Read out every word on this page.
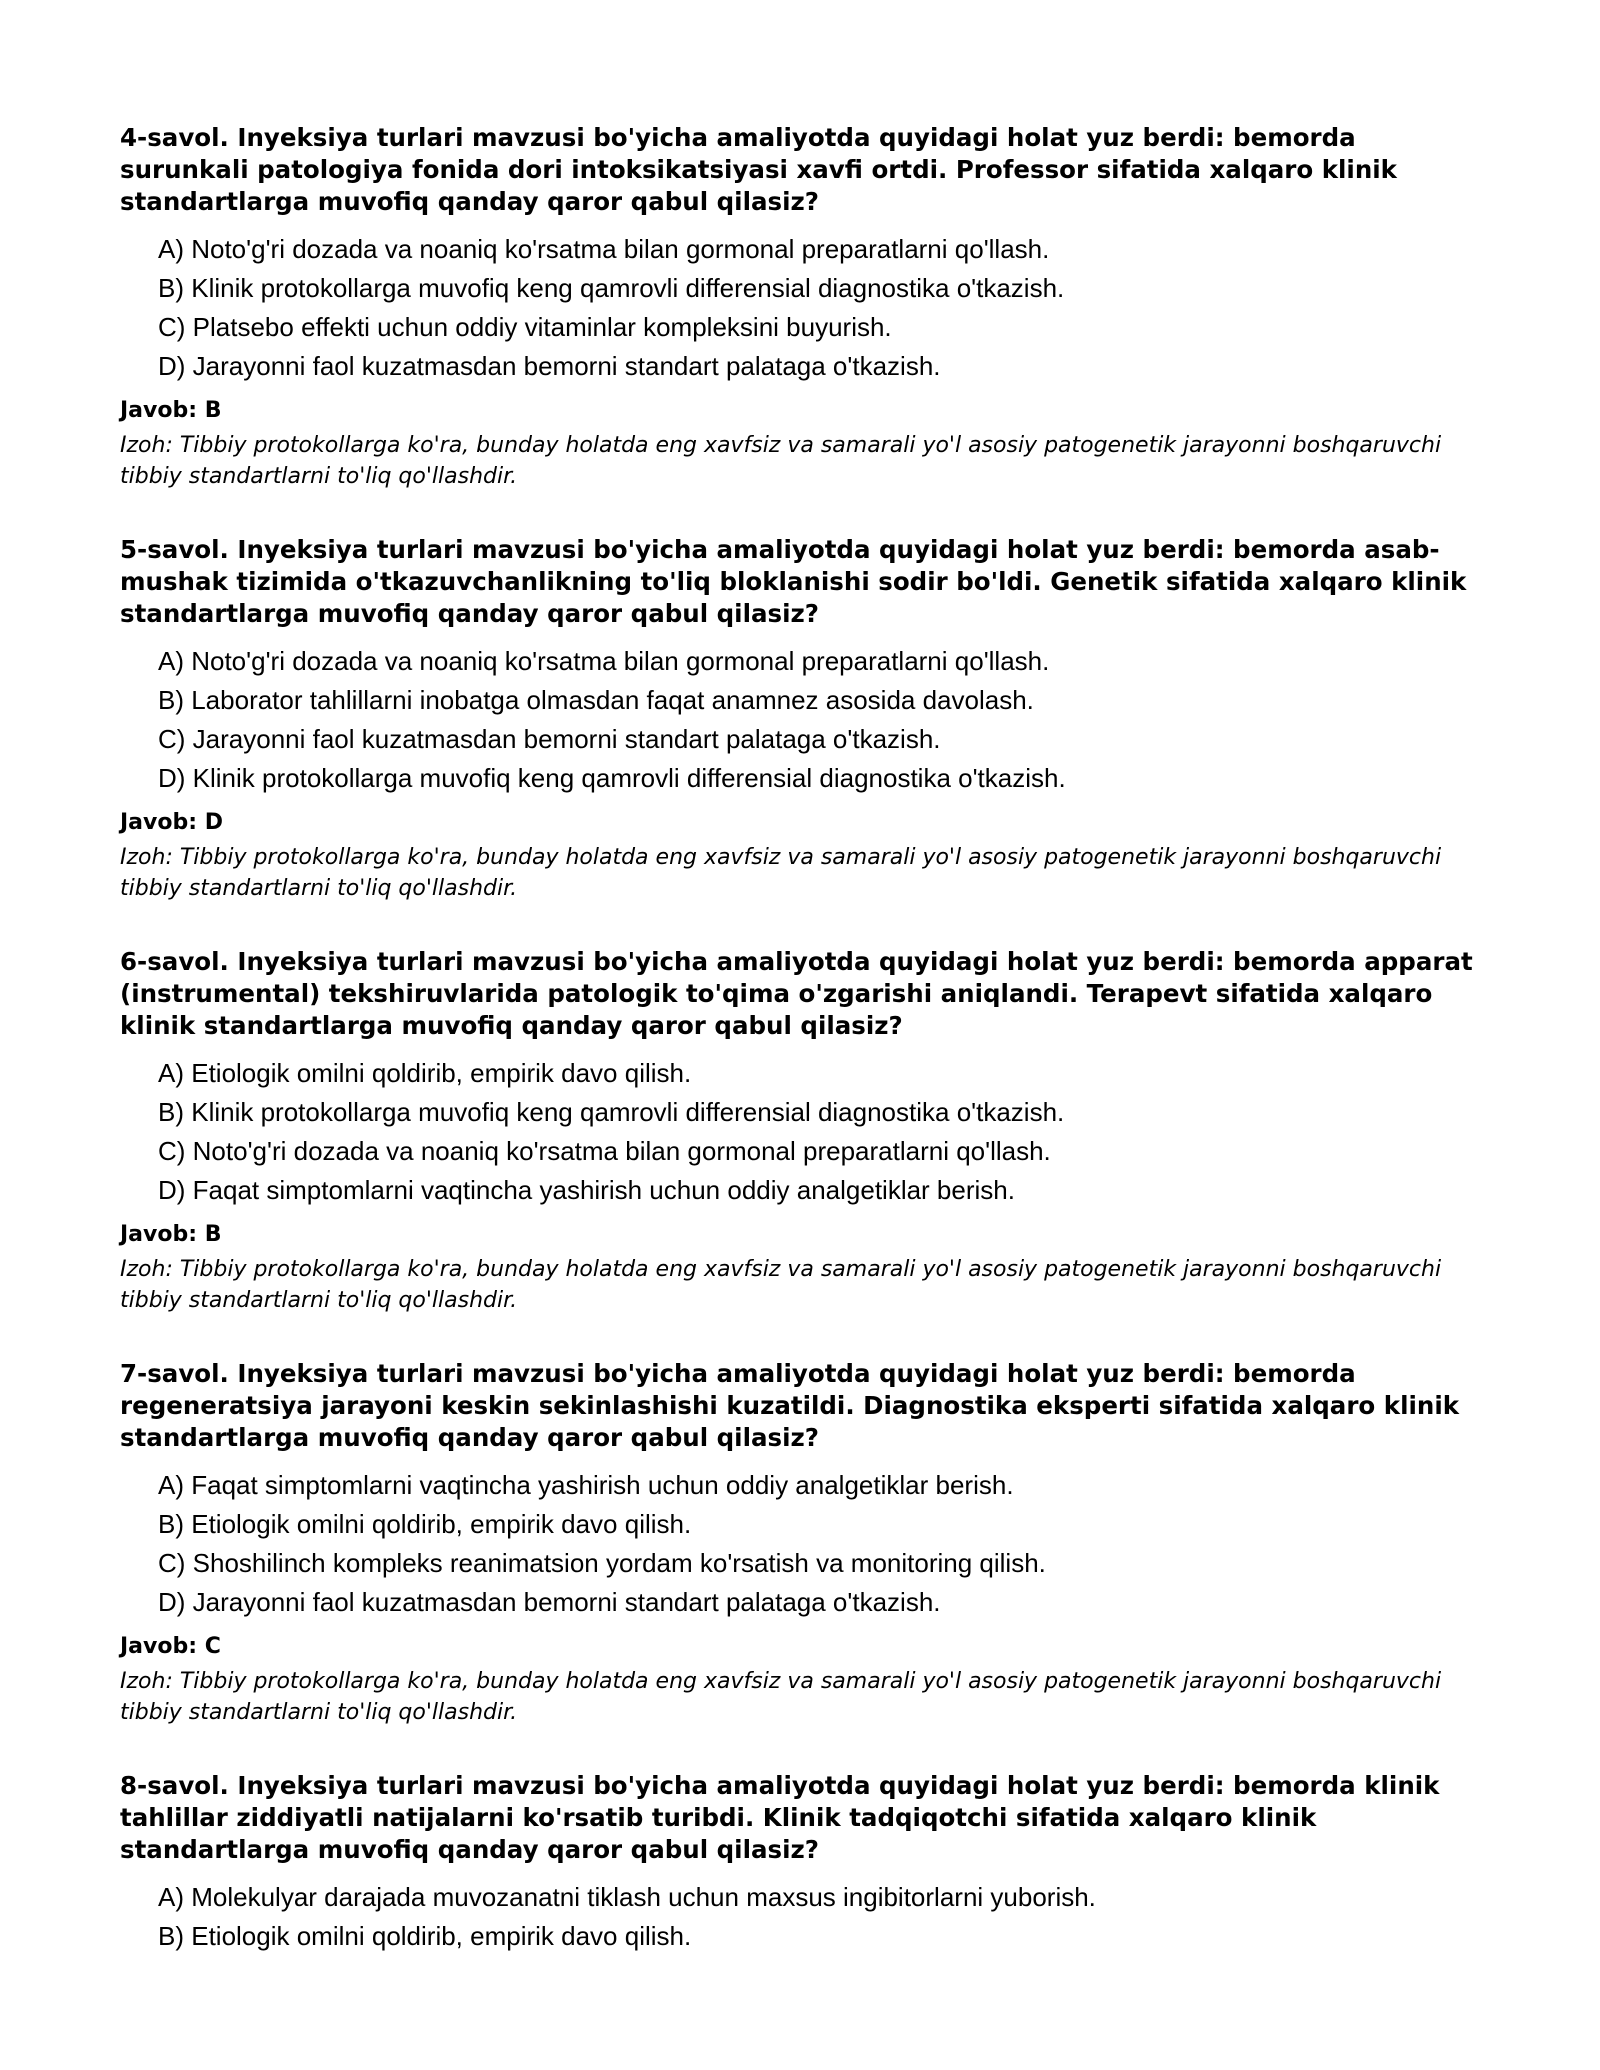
4-savol. Inyeksiya turlari mavzusi bo'yicha amaliyotda quyidagi holat yuz berdi: bemorda surunkali patologiya fonida dori intoksikatsiyasi xavfi ortdi. Professor sifatida xalqaro klinik standartlarga muvofiq qanday qaror qabul qilasiz?

A) Noto'g'ri dozada va noaniq ko'rsatma bilan gormonal preparatlarni qo'llash.
B) Klinik protokollarga muvofiq keng qamrovli differensial diagnostika o'tkazish.
C) Platsebo effekti uchun oddiy vitaminlar kompleksini buyurish.
D) Jarayonni faol kuzatmasdan bemorni standart palataga o'tkazish.
Javob: B
Izoh: Tibbiy protokollarga ko'ra, bunday holatda eng xavfsiz va samarali yo'l asosiy patogenetik jarayonni boshqaruvchi tibbiy standartlarni to'liq qo'llashdir.

5-savol. Inyeksiya turlari mavzusi bo'yicha amaliyotda quyidagi holat yuz berdi: bemorda asab-mushak tizimida o'tkazuvchanlikning to'liq bloklanishi sodir bo'ldi. Genetik sifatida xalqaro klinik standartlarga muvofiq qanday qaror qabul qilasiz?

A) Noto'g'ri dozada va noaniq ko'rsatma bilan gormonal preparatlarni qo'llash.
B) Laborator tahlillarni inobatga olmasdan faqat anamnez asosida davolash.
C) Jarayonni faol kuzatmasdan bemorni standart palataga o'tkazish.
D) Klinik protokollarga muvofiq keng qamrovli differensial diagnostika o'tkazish.
Javob: D
Izoh: Tibbiy protokollarga ko'ra, bunday holatda eng xavfsiz va samarali yo'l asosiy patogenetik jarayonni boshqaruvchi tibbiy standartlarni to'liq qo'llashdir.

6-savol. Inyeksiya turlari mavzusi bo'yicha amaliyotda quyidagi holat yuz berdi: bemorda apparat (instrumental) tekshiruvlarida patologik to'qima o'zgarishi aniqlandi. Terapevt sifatida xalqaro klinik standartlarga muvofiq qanday qaror qabul qilasiz?

A) Etiologik omilni qoldirib, empirik davo qilish.
B) Klinik protokollarga muvofiq keng qamrovli differensial diagnostika o'tkazish.
C) Noto'g'ri dozada va noaniq ko'rsatma bilan gormonal preparatlarni qo'llash.
D) Faqat simptomlarni vaqtincha yashirish uchun oddiy analgetiklar berish.
Javob: B
Izoh: Tibbiy protokollarga ko'ra, bunday holatda eng xavfsiz va samarali yo'l asosiy patogenetik jarayonni boshqaruvchi tibbiy standartlarni to'liq qo'llashdir.

7-savol. Inyeksiya turlari mavzusi bo'yicha amaliyotda quyidagi holat yuz berdi: bemorda regeneratsiya jarayoni keskin sekinlashishi kuzatildi. Diagnostika eksperti sifatida xalqaro klinik standartlarga muvofiq qanday qaror qabul qilasiz?

A) Faqat simptomlarni vaqtincha yashirish uchun oddiy analgetiklar berish.
B) Etiologik omilni qoldirib, empirik davo qilish.
C) Shoshilinch kompleks reanimatsion yordam ko'rsatish va monitoring qilish.
D) Jarayonni faol kuzatmasdan bemorni standart palataga o'tkazish.
Javob: C
Izoh: Tibbiy protokollarga ko'ra, bunday holatda eng xavfsiz va samarali yo'l asosiy patogenetik jarayonni boshqaruvchi tibbiy standartlarni to'liq qo'llashdir.

8-savol. Inyeksiya turlari mavzusi bo'yicha amaliyotda quyidagi holat yuz berdi: bemorda klinik tahlillar ziddiyatli natijalarni ko'rsatib turibdi. Klinik tadqiqotchi sifatida xalqaro klinik standartlarga muvofiq qanday qaror qabul qilasiz?

A) Molekulyar darajada muvozanatni tiklash uchun maxsus ingibitorlarni yuborish.
B) Etiologik omilni qoldirib, empirik davo qilish.
